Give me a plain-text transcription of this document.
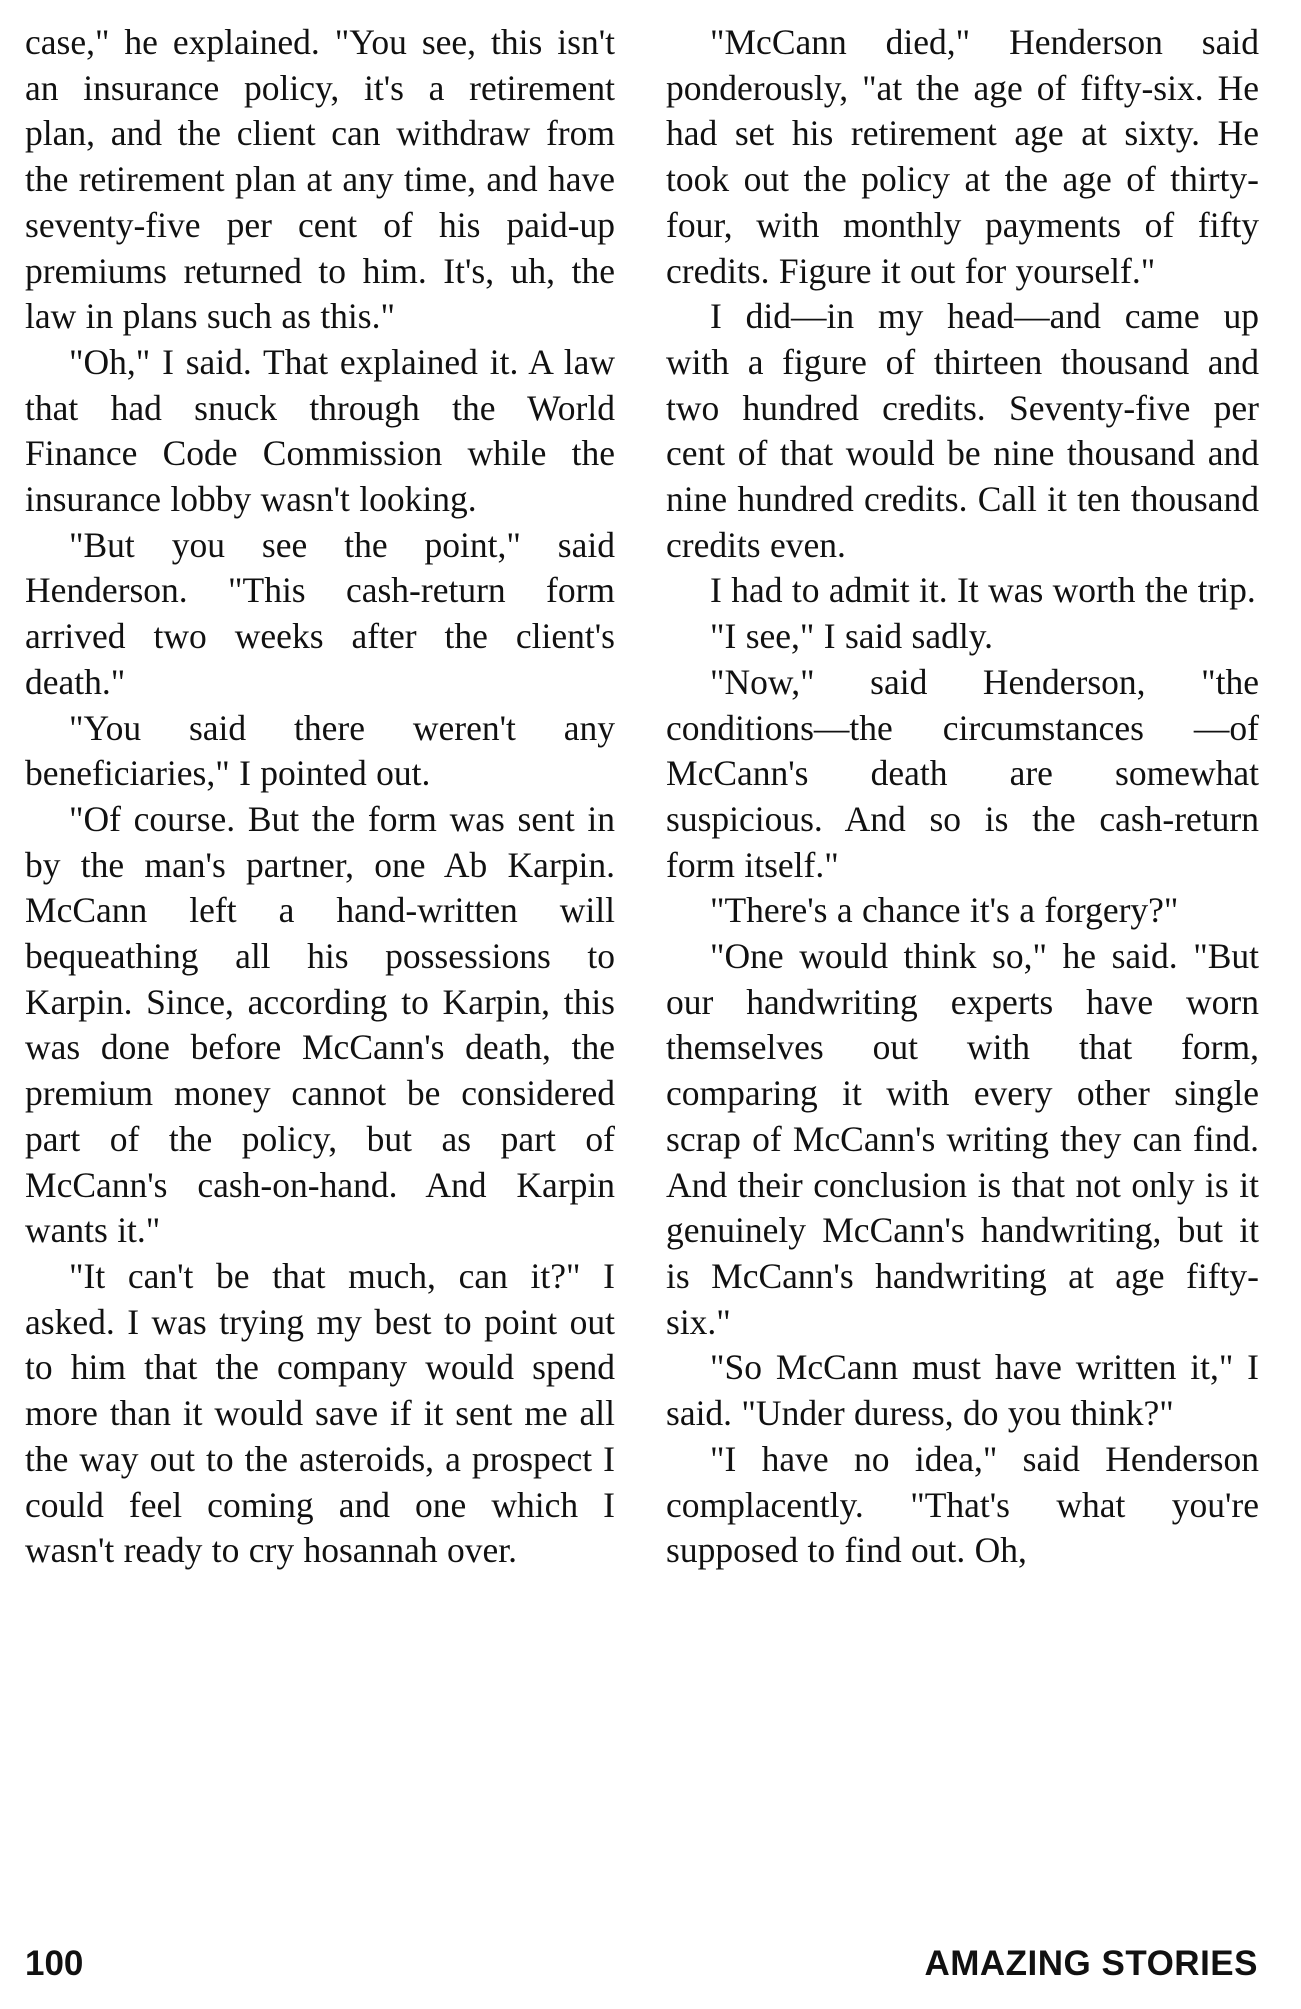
case," he explained. "You see, this isn't an insurance policy, it's a retirement plan, and the client can withdraw from the retirement plan at any time, and have seventy-five per cent of his paid-up premiums returned to him. It's, uh, the law in plans such as this."

"Oh," I said. That explained it. A law that had snuck through the World Finance Code Commission while the insurance lobby wasn't looking.

"But you see the point," said Henderson. "This cash-return form arrived two weeks after the client's death."

"You said there weren't any beneficiaries," I pointed out.

"Of course. But the form was sent in by the man's partner, one Ab Karpin. McCann left a hand-written will bequeathing all his possessions to Karpin. Since, according to Karpin, this was done before McCann's death, the premium money cannot be considered part of the policy, but as part of McCann's cash-on-hand. And Karpin wants it."

"It can't be that much, can it?" I asked. I was trying my best to point out to him that the company would spend more than it would save if it sent me all the way out to the asteroids, a prospect I could feel coming and one which I wasn't ready to cry hosannah over.

"McCann died," Henderson said ponderously, "at the age of fifty-six. He had set his retirement age at sixty. He took out the policy at the age of thirty-four, with monthly payments of fifty credits. Figure it out for yourself."

I did—in my head—and came up with a figure of thirteen thousand and two hundred credits. Seventy-five per cent of that would be nine thousand and nine hundred credits. Call it ten thousand credits even.

I had to admit it. It was worth the trip.

"I see," I said sadly.

"Now," said Henderson, "the conditions—the circumstances —of McCann's death are somewhat suspicious. And so is the cash-return form itself."

"There's a chance it's a forgery?"

"One would think so," he said. "But our handwriting experts have worn themselves out with that form, comparing it with every other single scrap of McCann's writing they can find. And their conclusion is that not only is it genuinely McCann's handwriting, but it is McCann's handwriting at age fifty-six."

"So McCann must have written it," I said. "Under duress, do you think?"

"I have no idea," said Henderson complacently. "That's what you're supposed to find out. Oh,

100	AMAZING STORIES
